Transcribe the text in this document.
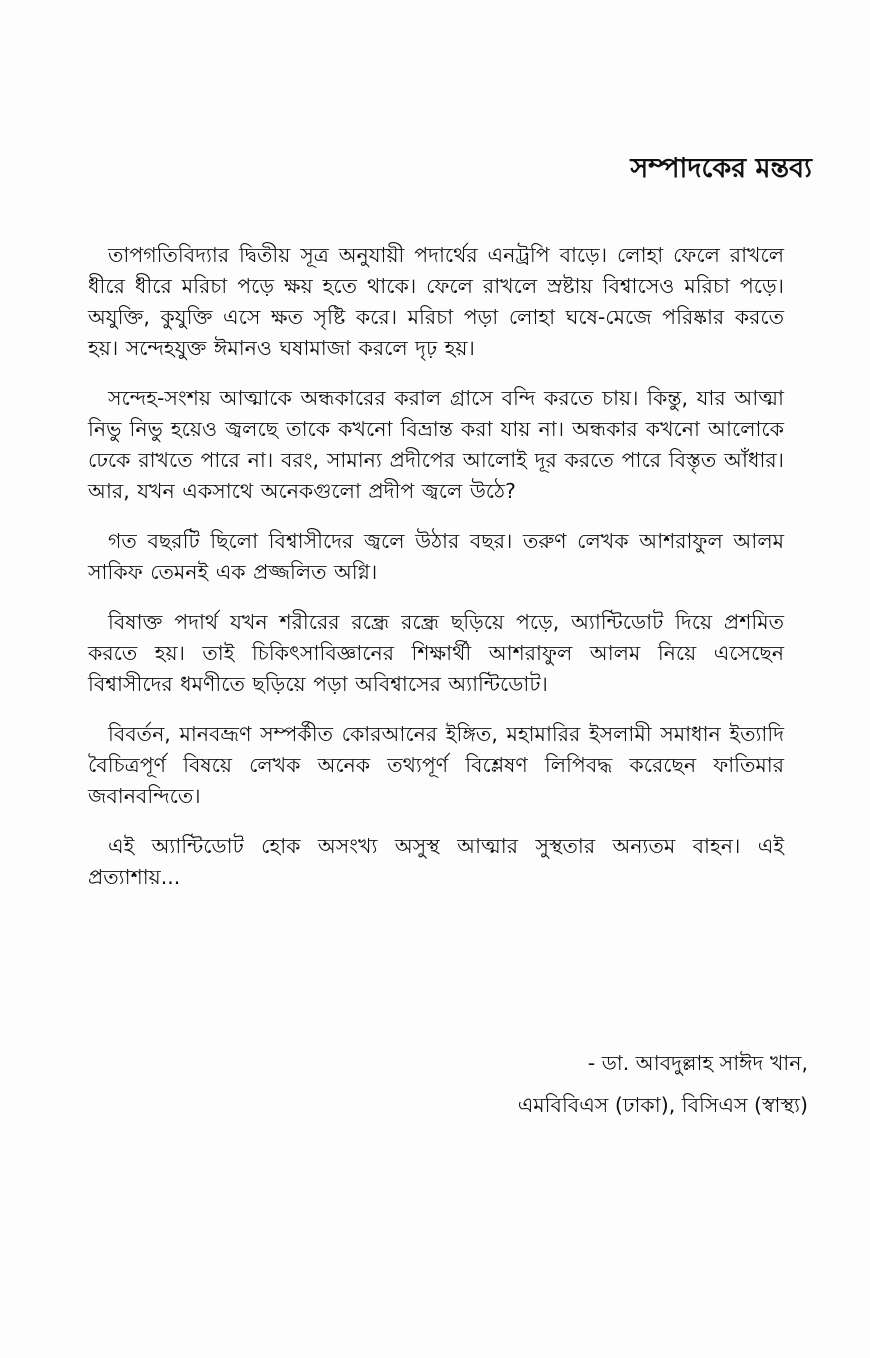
সম্পাদকের মন্তব্য

তাপগতিবিদ্যার দ্বিতীয় সূত্র অনুযায়ী পদার্থের এনট্রপি বাড়ে। লোহা ফেলে রাখলে ধীরে ধীরে মরিচা পড়ে ক্ষয় হতে থাকে। ফেলে রাখলে স্রষ্টায় বিশ্বাসেও মরিচা পড়ে। অযুক্তি, কুযুক্তি এসে ক্ষত সৃষ্টি করে। মরিচা পড়া লোহা ঘষে-মেজে পরিষ্কার করতে হয়। সন্দেহযুক্ত ঈমানও ঘষামাজা করলে দৃঢ় হয়।

সন্দেহ-সংশয় আত্মাকে অন্ধকারের করাল গ্রাসে বন্দি করতে চায়। কিন্তু, যার আত্মা নিভু নিভু হয়েও জ্বলছে তাকে কখনো বিভ্রান্ত করা যায় না। অন্ধকার কখনো আলোকে ঢেকে রাখতে পারে না। বরং, সামান্য প্রদীপের আলোই দূর করতে পারে বিস্তৃত আঁধার। আর, যখন একসাথে অনেকগুলো প্রদীপ জ্বলে উঠে?

গত বছরটি ছিলো বিশ্বাসীদের জ্বলে উঠার বছর। তরুণ লেখক আশরাফুল আলম সাকিফ তেমনই এক প্রজ্জলিত অগ্নি।

বিষাক্ত পদার্থ যখন শরীরের রন্ধ্রে রন্ধ্রে ছড়িয়ে পড়ে, অ্যান্টিডোট দিয়ে প্রশমিত করতে হয়। তাই চিকিৎসাবিজ্ঞানের শিক্ষার্থী আশরাফুল আলম নিয়ে এসেছেন বিশ্বাসীদের ধমণীতে ছড়িয়ে পড়া অবিশ্বাসের অ্যান্টিডোট।

বিবর্তন, মানবভ্রূণ সম্পর্কীত কোরআনের ইঙ্গিত, মহামারির ইসলামী সমাধান ইত্যাদি বৈচিত্রপূর্ণ বিষয়ে লেখক অনেক তথ্যপূর্ণ বিশ্লেষণ লিপিবদ্ধ করেছেন ফাতিমার জবানবন্দিতে।

এই অ্যান্টিডোট হোক অসংখ্য অসুস্থ আত্মার সুস্থতার অন্যতম বাহন। এই প্রত্যাশায়...

- ডা. আবদুল্লাহ সাঈদ খান,
এমবিবিএস (ঢাকা), বিসিএস (স্বাস্থ্য)
